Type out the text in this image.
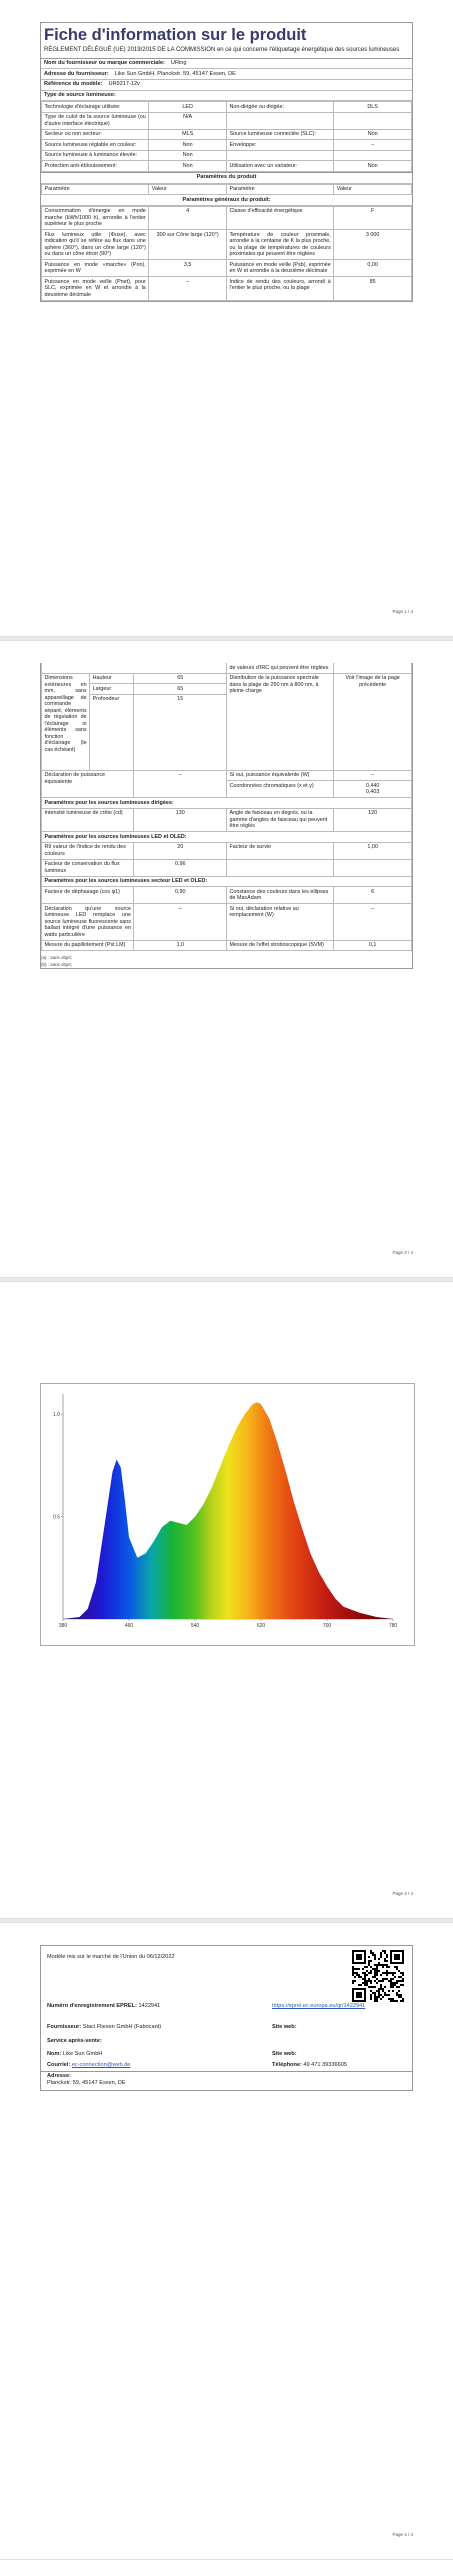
Fiche d'information sur le produit
RÈGLEMENT DÉLÉGUÉ (UE) 2019/2015 DE LA COMMISSION en ce qui concerne l'étiquetage énergétique des sources lumineuses
Nom du fournisseur ou marque commerciale:	URing
Adresse du fournisseur:	Like Sun GmbH, Planckstr. 59, 45147 Essen, DE
Référence du modèle:	UR9217-12v
Type de source lumineuse:
Technologie d'éclairage utilisée:	LED	Non-dirigée ou dirigée:	DLS
Type de culot de la source lumineuse (ou d'autre interface électrique)	N/A		
Secteur ou non secteur:	MLS	Source lumineuse connectée (SLC):	Non
Source lumineuse réglable en couleur:	Non	Enveloppe:	–
Source lumineuse à luminance élevée:	Non		
Protection anti-éblouissement:	Non	Utilisation avec un variateur:	Non
Paramètres du produit
Paramètre	Valeur	Paramètre	Valeur
Paramètres généraux du produit:
Consommation d'énergie en mode marche (kWh/1000 h), arrondie à l'entier supérieur le plus proche	4	Classe d'efficacité énergétique	F
Flux lumineux utile (Φuse), avec indication qu'il se réfère au flux dans une sphère (360°), dans un cône large (120°) ou dans un cône étroit (90°)	300 sur Cône large (120°)	Température de couleur proximale, arrondie à la centaine de K la plus proche, ou la plage de températures de couleurs proximales qui peuvent être réglées	3 000
Puissance en mode «marche» (Pon), exprimée en W	3,5	Puissance en mode veille (Psb), exprimée en W et arrondie à la deuxième décimale	0,00
Puissance en mode veille (Pnet), pour SLC, exprimée en W et arrondie à la deuxième décimale	–	Indice de rendu des couleurs, arrondi à l'entier le plus proche, ou la plage	85
Page 1 / 4
			de valeurs d'IRC qui peuvent être réglées	
Dimensions extérieures en mm, sans appareillage de commande séparé, éléments de régulation de l'éclairage ni éléments sans fonction d'éclairage (le cas échéant)	Hauteur	65	Distribution de la puissance spectrale dans la plage de 250 nm à 800 nm, à pleine charge	Voir l'image de la page précédente
	Largeur	65		
	Profondeur	15		
Déclaration de puissance équivalente		–	Si oui, puissance équivalente (W)	–
			Coordonnées chromatiques (x et y)	0,440
0,403

Paramètres pour les sources lumineuses dirigées:				
Intensité lumineuse de crête (cd)		130	Angle de faisceau en degrés, ou la gamme d'angles de faisceau qui peuvent être réglés	120
Paramètres pour les sources lumineuses LED et OLED:				
R9 valeur de l'indice de rendu des couleurs		20	Facteur de survie	1,00
Facteur de conservation du flux lumineux		0,96		
Paramètres pour les sources lumineuses secteur LED et OLED:				
Facteur de déphasage (cos φ1)		0,90	Constance des couleurs dans les ellipses de MacAdam	6
Déclaration qu'une source lumineuse LED remplace une source lumineuse fluorescente sans ballast intégré d'une puissance en watts particulière		–	Si oui, déclaration relative au remplacement (W)	–
Mesure du papillotement (Pst LM)		1,0	Mesure de l'effet stroboscopique (SVM)	0,1
(a) : sans objet;
(b) : sans objet;
Page 2 / 4
Page 3 / 4
380	460	540	620	700	780
0.5
1.0
Modèle mis sur le marché de l'Union du 06/12/2022
Numéro d'enregistrement EPREL: 1422941	https://eprel.ec.europa.eu/qr/1422941
Fournisseur: Staci Fliesen GmbH (Fabricant)	Site web:
Service après-vente:
Nom: Like Sun GmbH	Site web:
Courriel: ec-connection@web.de	Téléphone: 49 471 39336605
Adresse:
Planckstr. 59, 45147 Essen, DE
Page 4 / 4
